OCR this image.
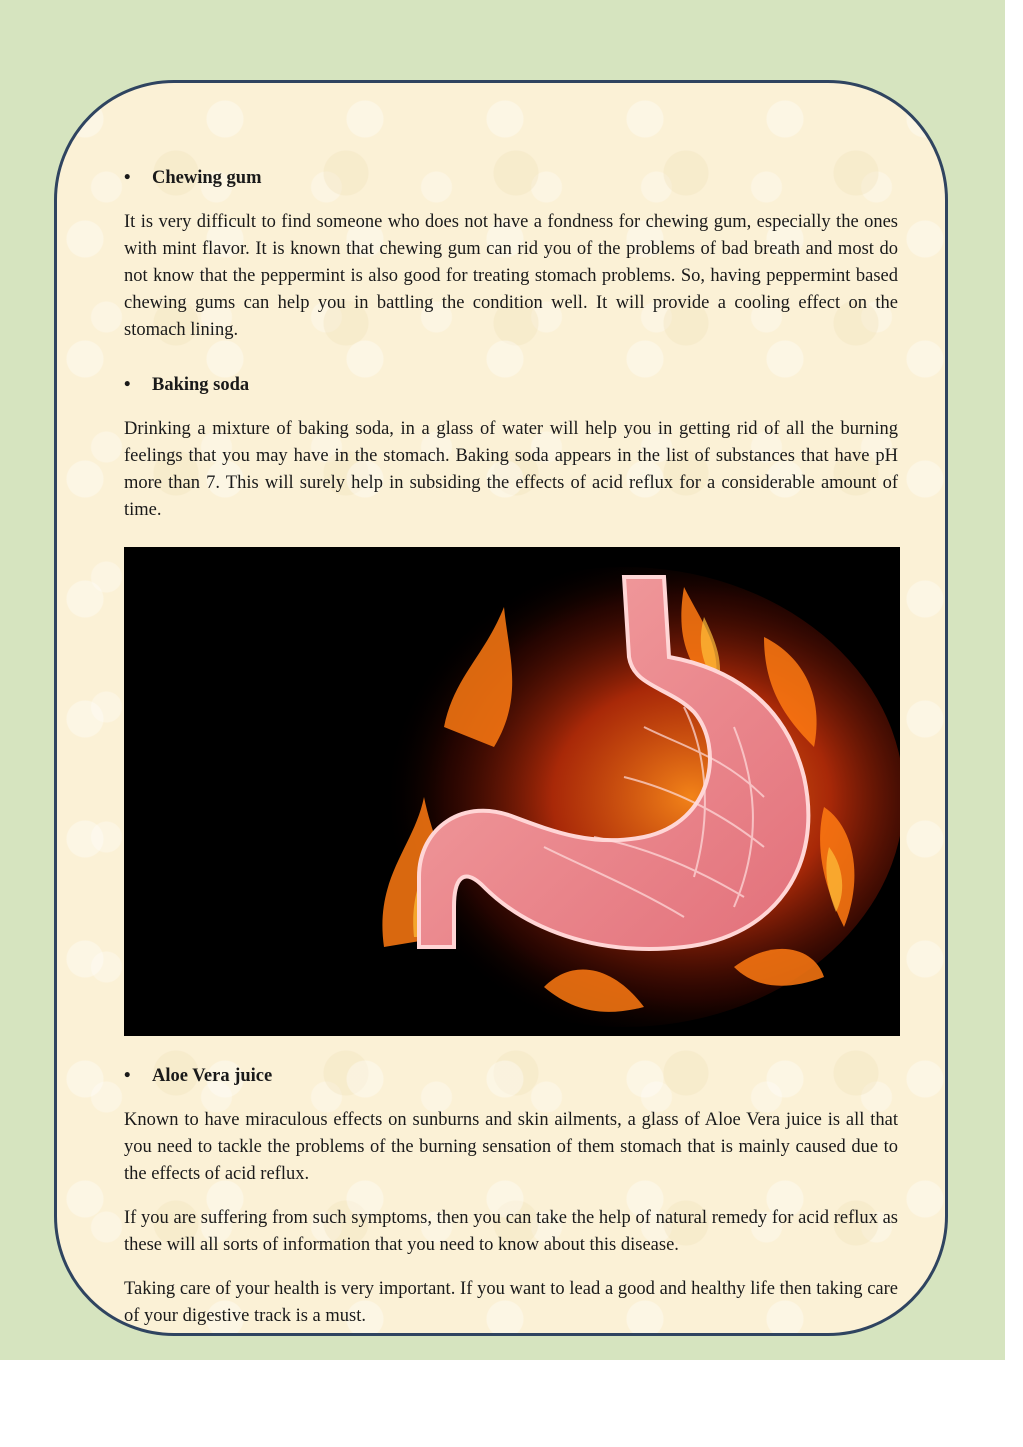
•	Chewing gum

It is very difficult to find someone who does not have a fondness for chewing gum, especially the ones with mint flavor. It is known that chewing gum can rid you of the problems of bad breath and most do not know that the peppermint is also good for treating stomach problems. So, having peppermint based chewing gums can help you in battling the condition well. It will provide a cooling effect on the stomach lining.

•	Baking soda

Drinking a mixture of baking soda, in a glass of water will help you in getting rid of all the burning feelings that you may have in the stomach. Baking soda appears in the list of substances that have pH more than 7. This will surely help in subsiding the effects of acid reflux for a considerable amount of time.

•	Aloe Vera juice

Known to have miraculous effects on sunburns and skin ailments, a glass of Aloe Vera juice is all that you need to tackle the problems of the burning sensation of them stomach that is mainly caused due to the effects of acid reflux.

If you are suffering from such symptoms, then you can take the help of natural remedy for acid reflux as these will all sorts of information that you need to know about this disease.

Taking care of your health is very important. If you want to lead a good and healthy life then taking care of your digestive track is a must.
